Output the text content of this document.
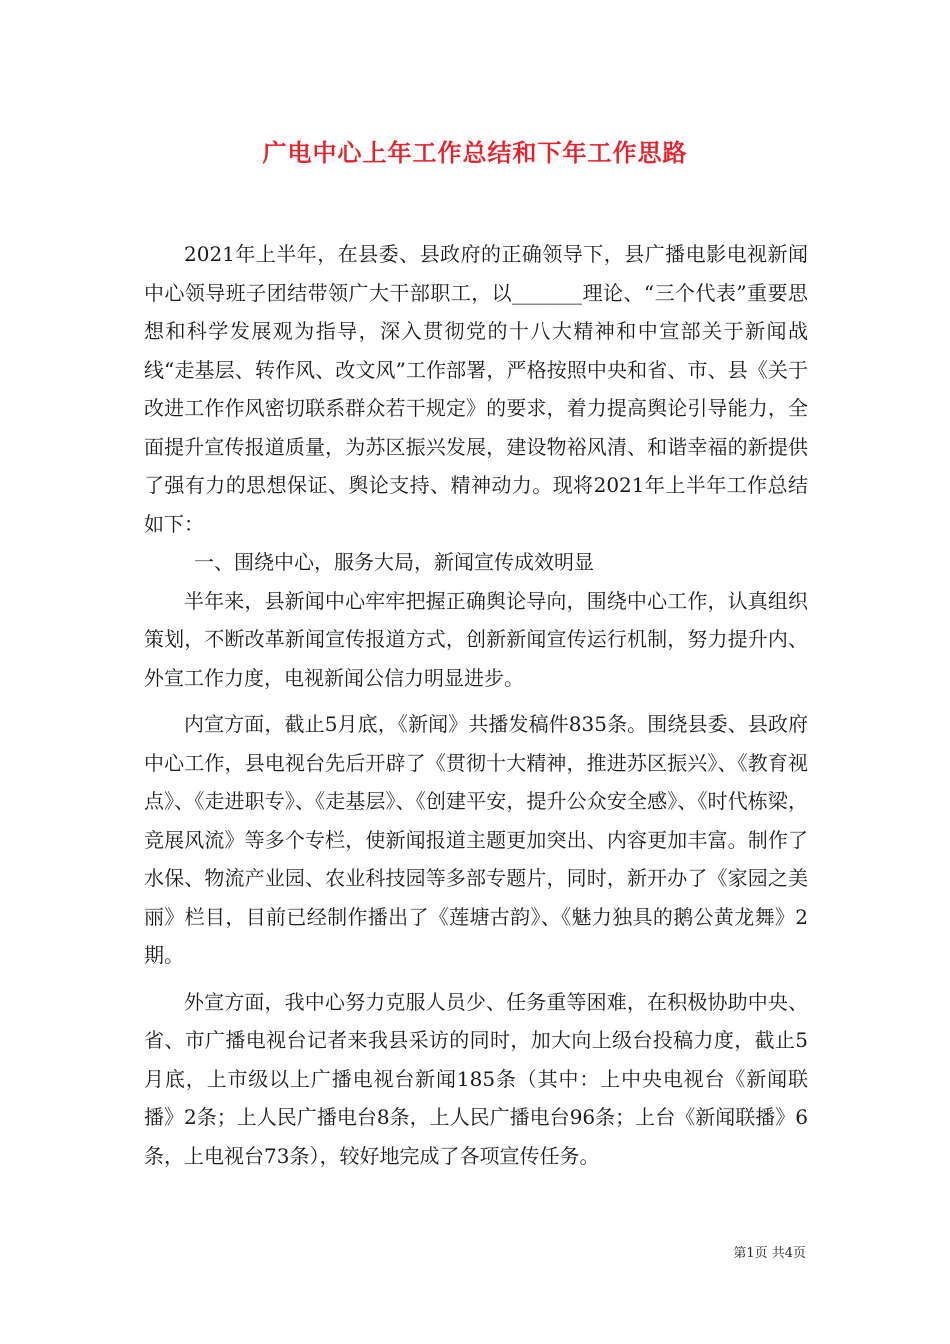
广电中心上年工作总结和下年工作思路

2021年上半年，在县委、县政府的正确领导下，县广播电影电视新闻中心领导班子团结带领广大干部职工，以_______理论、“三个代表”重要思想和科学发展观为指导，深入贯彻党的十八大精神和中宣部关于新闻战线“走基层、转作风、改文风”工作部署，严格按照中央和省、市、县《关于改进工作作风密切联系群众若干规定》的要求，着力提高舆论引导能力，全面提升宣传报道质量，为苏区振兴发展，建设物裕风清、和谐幸福的新提供了强有力的思想保证、舆论支持、精神动力。现将2021年上半年工作总结如下：

一、围绕中心，服务大局，新闻宣传成效明显

半年来，县新闻中心牢牢把握正确舆论导向，围绕中心工作，认真组织策划，不断改革新闻宣传报道方式，创新新闻宣传运行机制，努力提升内、外宣工作力度，电视新闻公信力明显进步。

内宣方面，截止5月底，《新闻》共播发稿件835条。围绕县委、县政府中心工作，县电视台先后开辟了《贯彻十大精神，推进苏区振兴》、《教育视点》、《走进职专》、《走基层》、《创建平安，提升公众安全感》、《时代栋梁，竞展风流》等多个专栏，使新闻报道主题更加突出、内容更加丰富。制作了水保、物流产业园、农业科技园等多部专题片，同时，新开办了《家园之美丽》栏目，目前已经制作播出了《莲塘古韵》、《魅力独具的鹅公黄龙舞》2期。

外宣方面，我中心努力克服人员少、任务重等困难，在积极协助中央、省、市广播电视台记者来我县采访的同时，加大向上级台投稿力度，截止5月底，上市级以上广播电视台新闻185条（其中：上中央电视台《新闻联播》2条；上人民广播电台8条，上人民广播电台96条；上台《新闻联播》6条，上电视台73条），较好地完成了各项宣传任务。

第1页 共4页
